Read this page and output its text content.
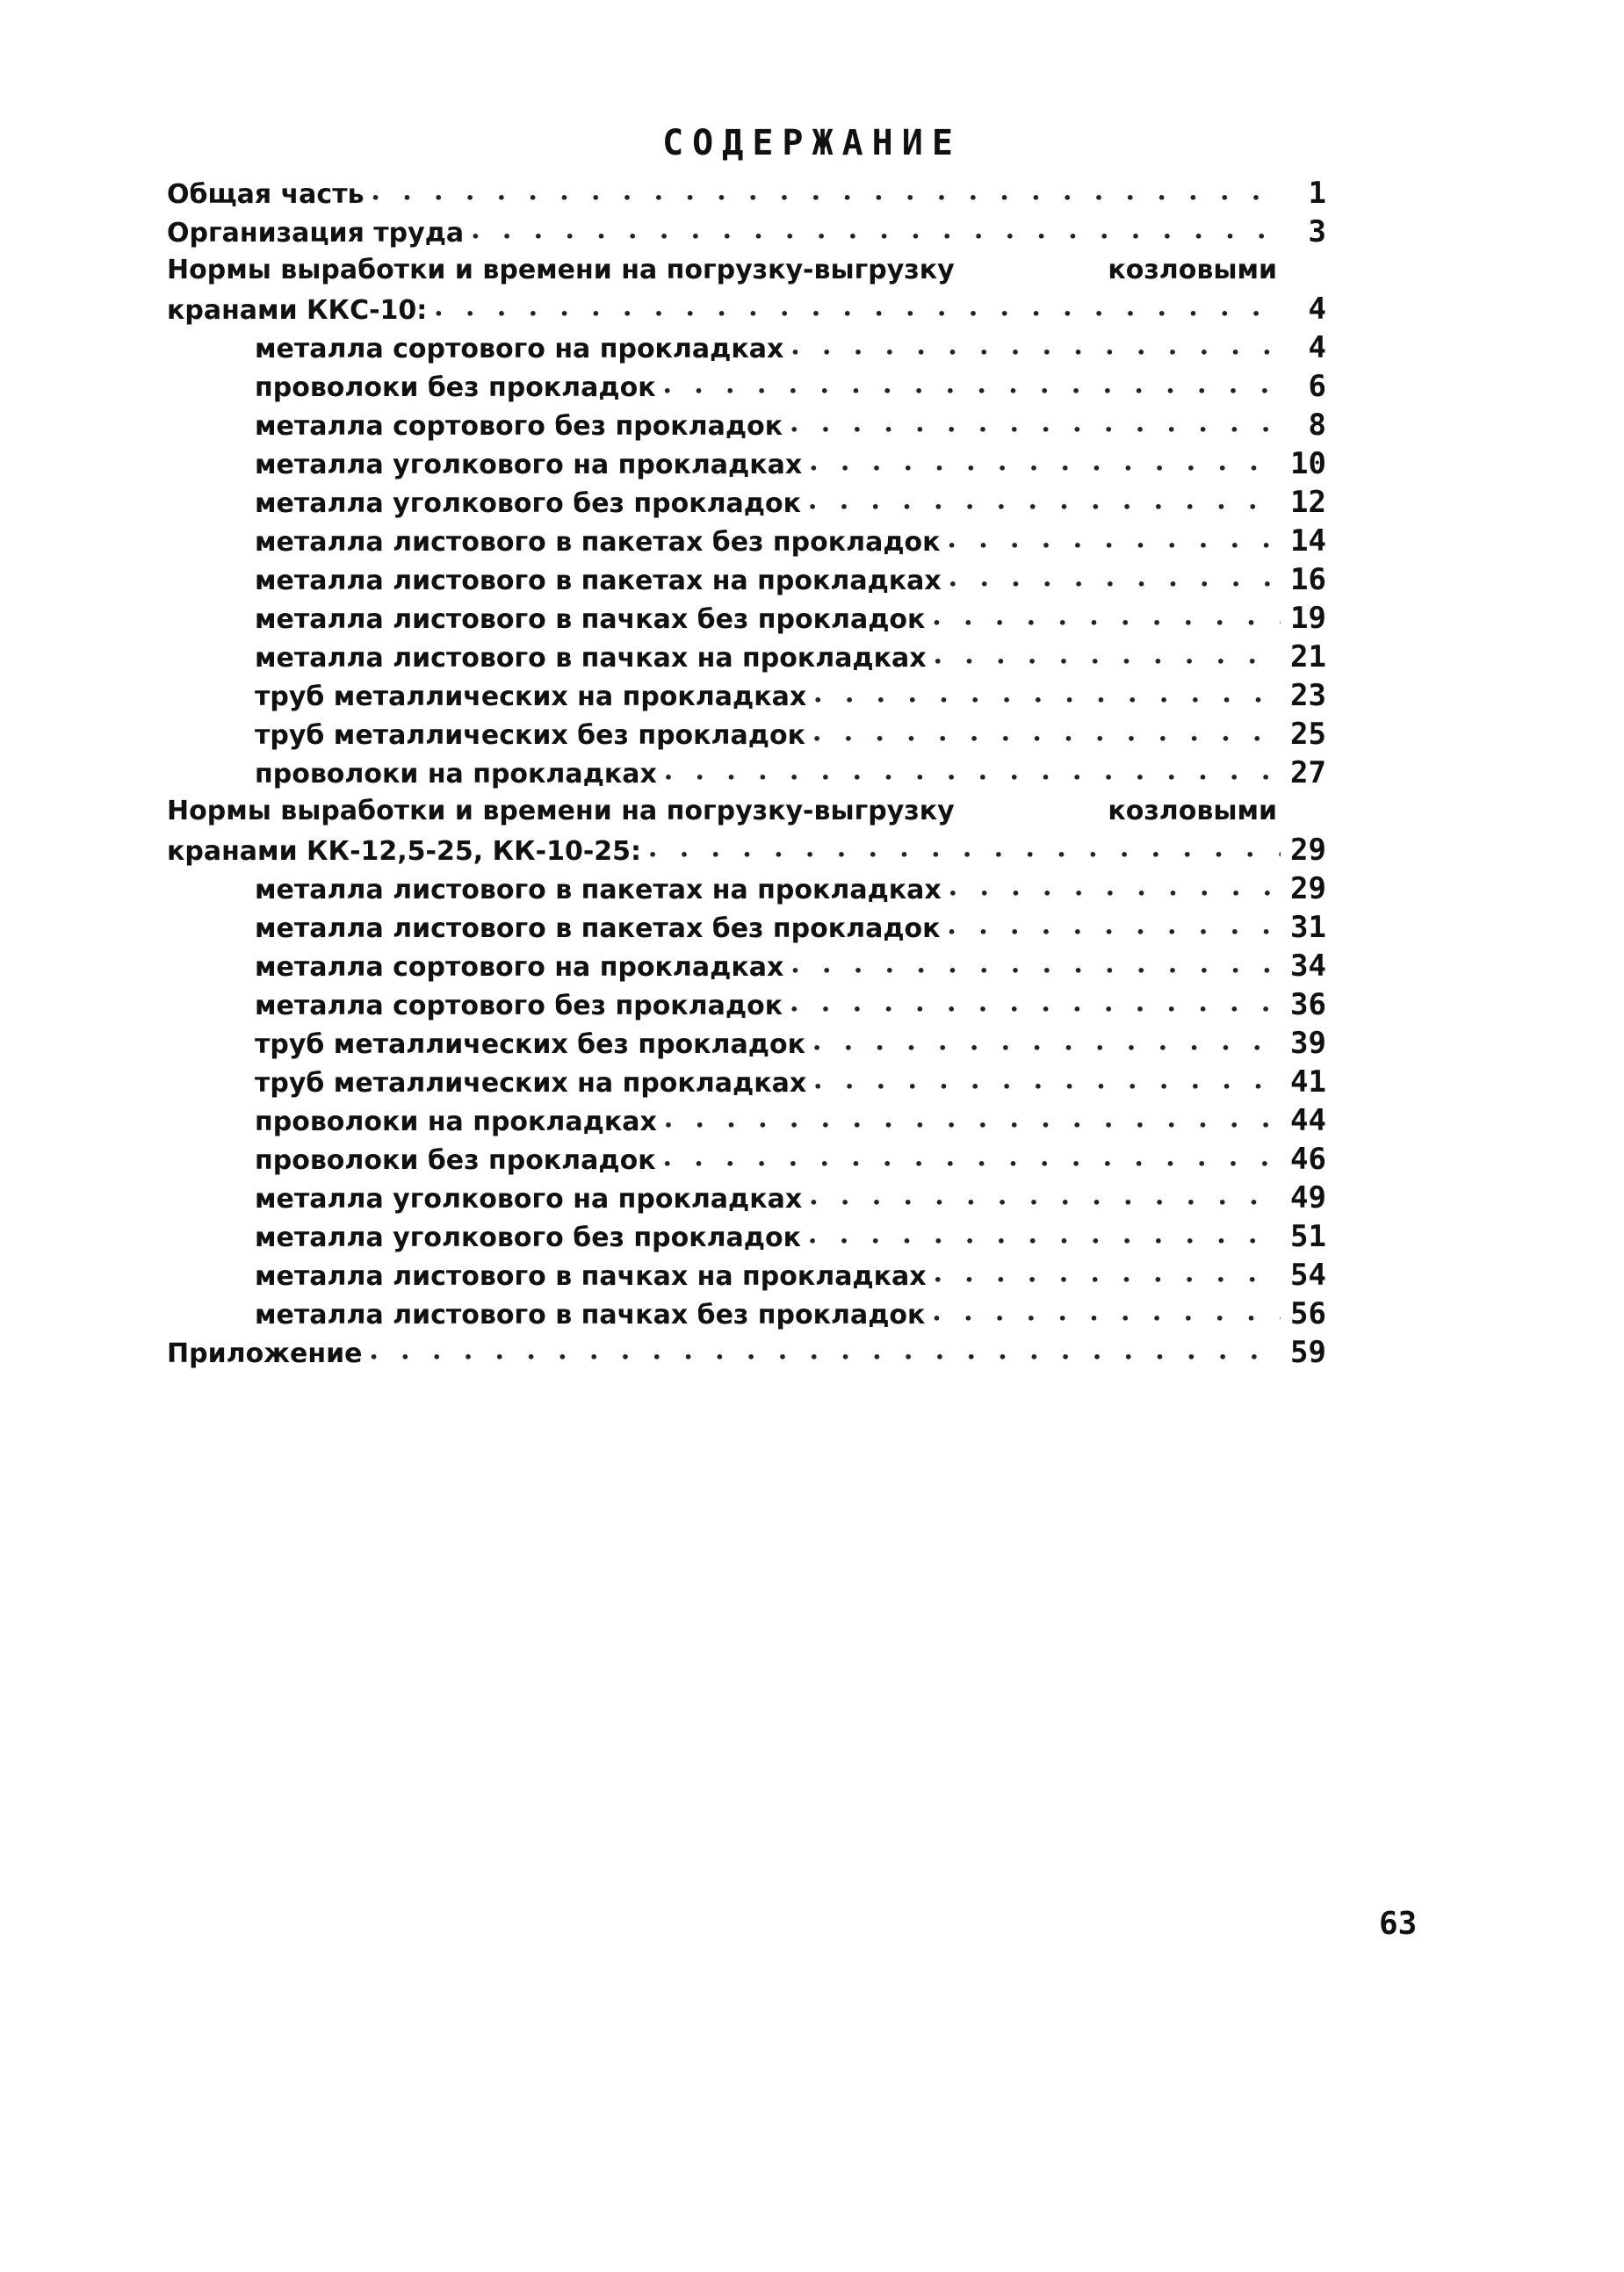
СОДЕРЖАНИЕ
Общая часть • • •	1
Организация труда • • •	3
Нормы выработки и времени на погрузку-выгрузку	козловыми
кранами ККС-10: • • •	4
металла сортового на прокладках • • •	4
проволоки без прокладок • • •	6
металла сортового без прокладок • • •	8
металла уголкового на прокладках • • •	10
металла уголкового без прокладок • • •	12
металла листового в пакетах без прокладок • • •	14
металла листового в пакетах на прокладках • • •	16
металла листового в пачках без прокладок • • •	19
металла листового в пачках на прокладках • • •	21
труб металлических на прокладках • • •	23
труб металлических без прокладок • • •	25
проволоки на прокладках • • •	27
Нормы выработки и времени на погрузку-выгрузку	козловыми
кранами КК-12,5-25, КК-10-25: • • •	29
металла листового в пакетах на прокладках • • •	29
металла листового в пакетах без прокладок • • •	31
металла сортового на прокладках • • •	34
металла сортового без прокладок • • •	36
труб металлических без прокладок • • •	39
труб металлических на прокладках • • •	41
проволоки на прокладках • • •	44
проволоки без прокладок • • •	46
металла уголкового на прокладках • • •	49
металла уголкового без прокладок • • •	51
металла листового в пачках на прокладках • • •	54
металла листового в пачках без прокладок • • •	56
Приложение • • •	59
63
